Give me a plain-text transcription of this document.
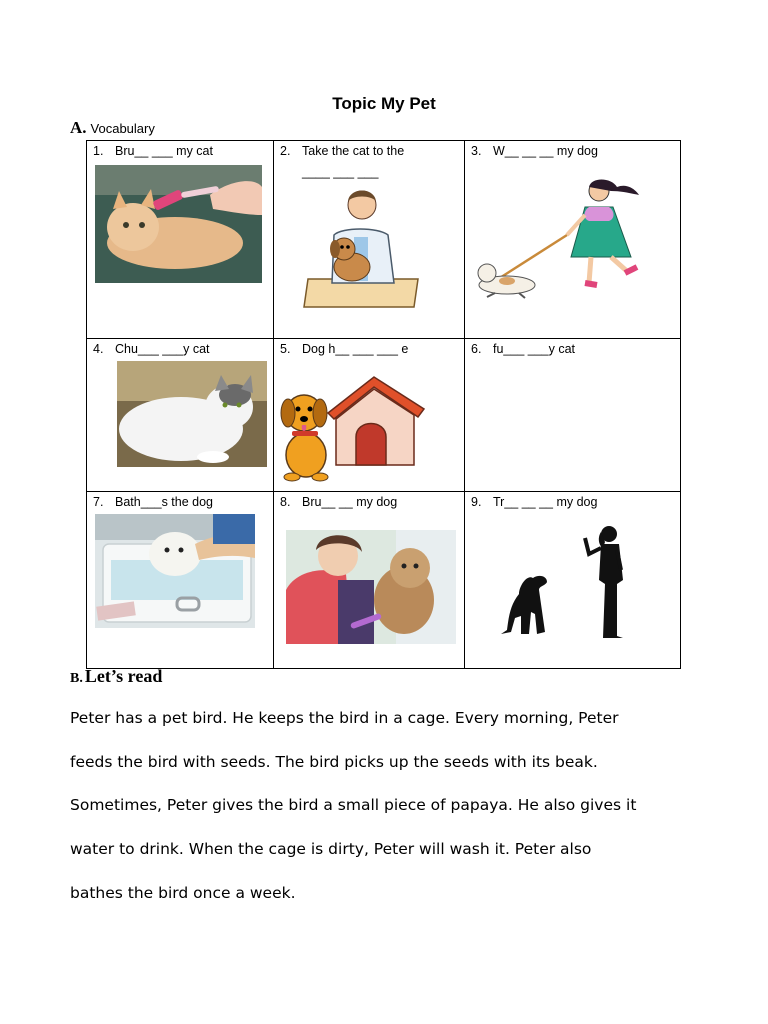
Topic My Pet
A. Vocabulary
1. Bru__ ___ my cat	2. Take the cat to the
____ ___ ___	3. W__ __ __ my dog

4. Chu___ ___y cat	5. Dog h__ ___ ___ e	6. fu___ ___y cat

7. Bath___s the dog	8. Bru__ __ my dog	9. Tr__ __ __ my dog
B. Let’s read

Peter has a pet bird. He keeps the bird in a cage. Every morning, Peter
feeds the bird with seeds. The bird picks up the seeds with its beak.
Sometimes, Peter gives the bird a small piece of papaya. He also gives it
water to drink. When the cage is dirty, Peter will wash it. Peter also
bathes the bird once a week.
